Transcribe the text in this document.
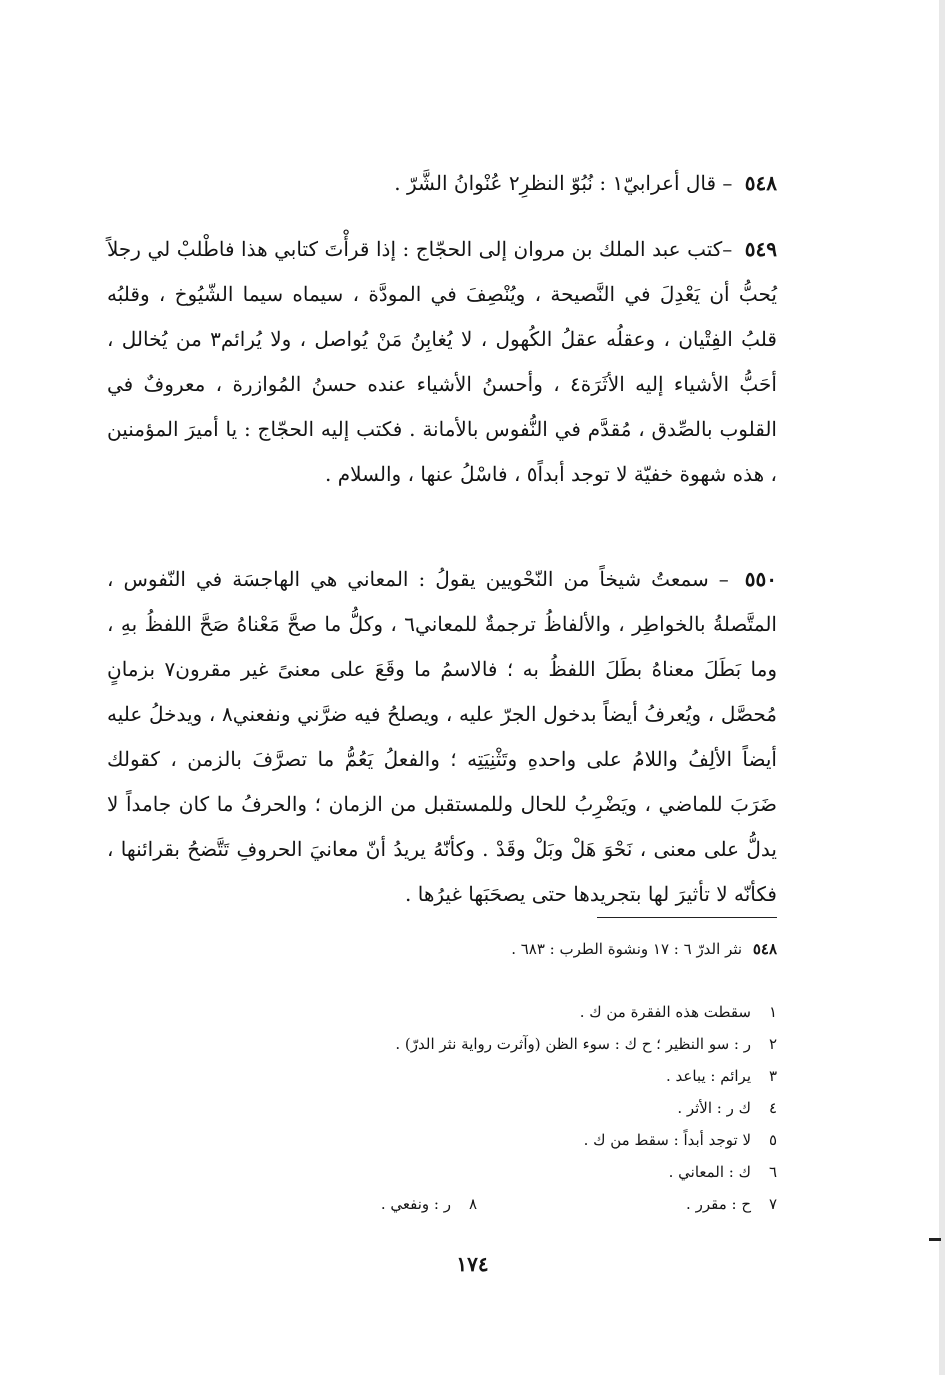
٥٤٨ – قال أعرابيّ١ : نُبُوّ النظرِ٢ عُنْوانُ الشَّرّ .

٥٤٩ –كتب عبد الملك بن مروان إلى الحجّاج : إذا قرأْتَ كتابي هذا فاطْلبْ لي رجلاً يُحبُّ أن يَعْدِلَ في النَّصيحة ، ويُنْصِفَ في المودَّة ، سيماه سيما الشّيُوخ ، وقلبُه قلبُ الفِتْيان ، وعقلُه عقلُ الكُهول ، لا يُغابِنُ مَنْ يُواصل ، ولا يُرائم٣ من يُخالل ، أحَبُّ الأشياء إليه الأثَرَة٤ ، وأحسنُ الأشياء عنده حسنُ المُوازرة ، معروفٌ في القلوب بالصِّدق ، مُقدَّم في النُّفوس بالأمانة . فكتب إليه الحجّاج : يا أميرَ المؤمنين ، هذه شهوة خفيّة لا توجد أبداً٥ ، فاسْلُ عنها ، والسلام .

٥٥٠ – سمعتُ شيخاً من النّحْويين يقولُ : المعاني هي الهاجسَة في النّفوس ، المتَّصلةُ بالخواطِر ، والألفاظُ ترجمةٌ للمعاني٦ ، وكلُّ ما صحَّ مَعْناهُ صَحَّ اللفظُ بهِ ، وما بَطَلَ معناهُ بطَلَ اللفظُ به ؛ فالاسمُ ما وقَعَ على معنىً غير مقرون٧ بزمانٍ مُحصَّل ، ويُعرفُ أيضاً بدخول الجرّ عليه ، ويصلحُ فيه ضرَّني ونفعني٨ ، ويدخلُ عليه أيضاً الألِفُ واللامُ على واحدهِ وتَثْنِيَتِه ؛ والفعلُ يَعُمُّ ما تصرَّفَ بالزمن ، كقولك ضَرَبَ للماضي ، ويَضْرِبُ للحال وللمستقبل من الزمان ؛ والحرفُ ما كان جامداً لا يدلُّ على معنى ، نَحْوَ هَلْ وبَلْ وقَدْ . وكأنّهُ يريدُ أنّ معانيَ الحروفِ تَتَّضحُ بقرائنها ، فكأنّه لا تأثيرَ لها بتجريدها حتى يصحَبَها غيرُها .

٥٤٨ نثر الدرّ ٦ : ١٧ ونشوة الطرب : ٦٨٣ .
١سقطت هذه الفقرة من ك .
٢ر : سو النظير ؛ ح ك : سوء الظن (وآثرت رواية نثر الدرّ) .
٣يرائم : يباعد .
٤ك ر : الأثر .
٥لا توجد أبداً : سقط من ك .
٦ك : المعاني .
٧ح : مقرر .٨ر : ونفعي .
١٧٤
